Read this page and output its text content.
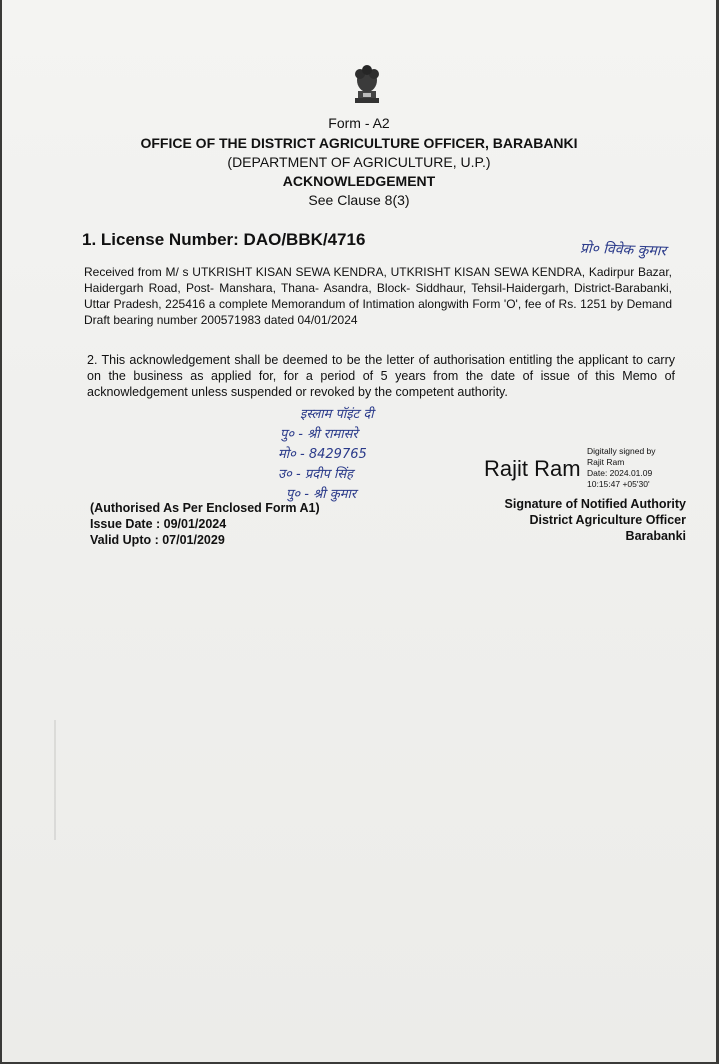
Form - A2
OFFICE OF THE DISTRICT AGRICULTURE OFFICER, BARABANKI
(DEPARTMENT OF AGRICULTURE, U.P.)
ACKNOWLEDGEMENT
See Clause 8(3)
1. License Number: DAO/BBK/4716
प्रो० विवेक कुमार
Received from M/ s UTKRISHT KISAN SEWA KENDRA, UTKRISHT KISAN SEWA KENDRA, Kadirpur Bazar, Haidergarh Road, Post- Manshara, Thana- Asandra, Block- Siddhaur, Tehsil-Haidergarh, District-Barabanki, Uttar Pradesh, 225416 a complete Memorandum of Intimation alongwith Form 'O', fee of Rs. 1251 by Demand Draft bearing number 200571983 dated 04/01/2024
2. This acknowledgement shall be deemed to be the letter of authorisation entitling the applicant to carry on the business as applied for, for a period of 5 years from the date of issue of this Memo of acknowledgement unless suspended or revoked by the competent authority.
इस्लाम पॉइंट दी
पु० - श्री रामासरे
मो० - 8429765
उ० - प्रदीप सिंह
पु० - श्री कुमार
Rajit Ram
Digitally signed by
Rajit Ram
Date: 2024.01.09
10:15:47 +05'30'
(Authorised As Per Enclosed Form A1)
Issue Date : 09/01/2024
Valid Upto : 07/01/2029
Signature of Notified Authority
District Agriculture Officer
Barabanki
